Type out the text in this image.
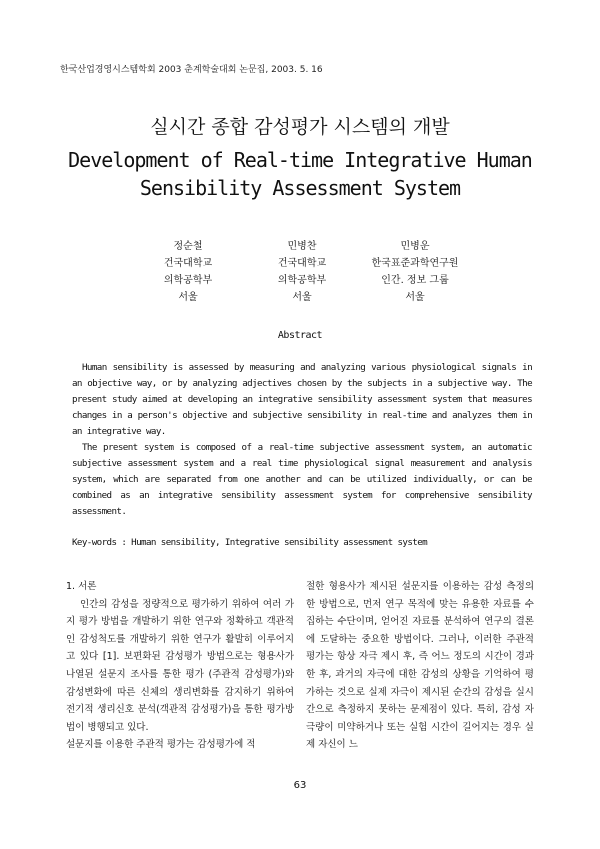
한국산업경영시스템학회 2003 춘계학술대회 논문집, 2003. 5. 16
실시간 종합 감성평가 시스템의 개발
Development of Real-time Integrative Human
Sensibility Assessment System
정순철
건국대학교
의학공학부
서울
민병찬
건국대학교
의학공학부
서울
민병운
한국표준과학연구원
인간. 정보 그룹
서울
Abstract

Human sensibility is assessed by measuring and analyzing various physiological signals in an objective way, or by analyzing adjectives chosen by the subjects in a subjective way. The present study aimed at developing an integrative sensibility assessment system that measures changes in a person's objective and subjective sensibility in real-time and analyzes them in an integrative way.

The present system is composed of a real-time subjective assessment system, an automatic subjective assessment system and a real time physiological signal measurement and analysis system, which are separated from one another and can be utilized individually, or can be combined as an integrative sensibility assessment system for comprehensive sensibility assessment.

Key-words : Human sensibility, Integrative sensibility assessment system

1. 서론

인간의 감성을 정량적으로 평가하기 위하여 여러 가지 평가 방법을 개발하기 위한 연구와 정확하고 객관적인 감성척도를 개발하기 위한 연구가 활발히 이루어지고 있다 [1]. 보편화된 감성평가 방법으로는 형용사가 나열된 설문지 조사를 통한 평가 (주관적 감성평가)와 감성변화에 따른 신체의 생리변화를 감지하기 위하여 전기적 생리신호 분석(객관적 감성평가)을 통한 평가방법이 병행되고 있다.

설문지를 이용한 주관적 평가는 감성평가에 적

절한 형용사가 제시된 설문지를 이용하는 감성 측정의 한 방법으로, 먼저 연구 목적에 맞는 유용한 자료를 수집하는 수단이며, 얻어진 자료를 분석하여 연구의 결론에 도달하는 중요한 방법이다. 그러나, 이러한 주관적 평가는 항상 자극 제시 후, 즉 어느 정도의 시간이 경과한 후, 과거의 자극에 대한 감성의 상황을 기억하여 평가하는 것으로 실제 자극이 제시된 순간의 감성을 실시간으로 측정하지 못하는 문제점이 있다. 특히, 감성 자극량이 미약하거나 또는 실험 시간이 길어지는 경우 실제 자신이 느

63
